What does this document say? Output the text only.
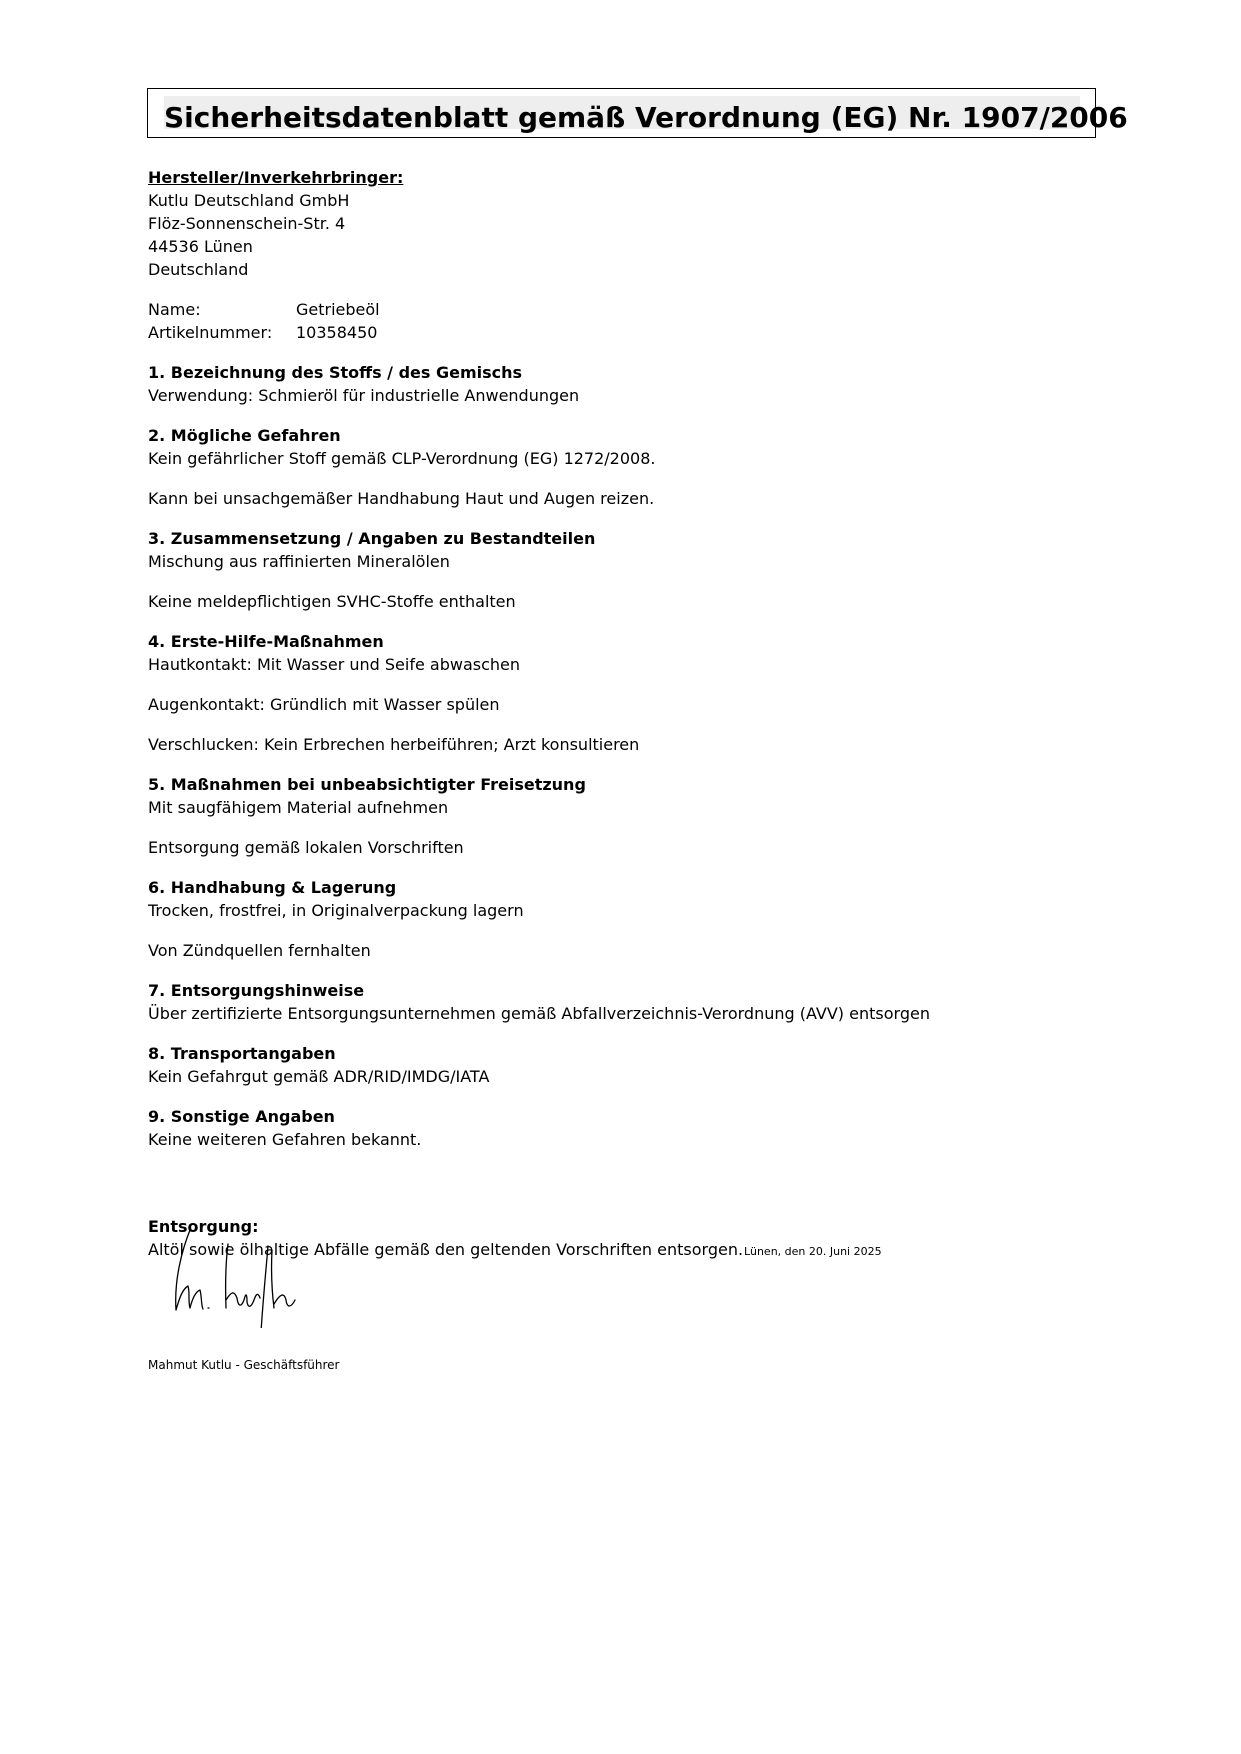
Sicherheitsdatenblatt gemäß Verordnung (EG) Nr. 1907/2006
Hersteller/Inverkehrbringer:
Kutlu Deutschland GmbH
Flöz-Sonnenschein-Str. 4
44536 Lünen
Deutschland
Name:	Getriebeöl
Artikelnummer:	10358450
1. Bezeichnung des Stoffs / des Gemischs
Verwendung: Schmieröl für industrielle Anwendungen
2. Mögliche Gefahren
Kein gefährlicher Stoff gemäß CLP-Verordnung (EG) 1272/2008.
Kann bei unsachgemäßer Handhabung Haut und Augen reizen.
3. Zusammensetzung / Angaben zu Bestandteilen
Mischung aus raffinierten Mineralölen
Keine meldepflichtigen SVHC-Stoffe enthalten
4. Erste-Hilfe-Maßnahmen
Hautkontakt: Mit Wasser und Seife abwaschen
Augenkontakt: Gründlich mit Wasser spülen
Verschlucken: Kein Erbrechen herbeiführen; Arzt konsultieren
5. Maßnahmen bei unbeabsichtigter Freisetzung
Mit saugfähigem Material aufnehmen
Entsorgung gemäß lokalen Vorschriften
6. Handhabung & Lagerung
Trocken, frostfrei, in Originalverpackung lagern
Von Zündquellen fernhalten
7. Entsorgungshinweise
Über zertifizierte Entsorgungsunternehmen gemäß Abfallverzeichnis-Verordnung (AVV) entsorgen
8. Transportangaben
Kein Gefahrgut gemäß ADR/RID/IMDG/IATA
9. Sonstige Angaben
Keine weiteren Gefahren bekannt.
Entsorgung:
Altöl sowie ölhaltige Abfälle gemäß den geltenden Vorschriften entsorgen.Lünen, den 20. Juni 2025
Mahmut Kutlu - Geschäftsführer
